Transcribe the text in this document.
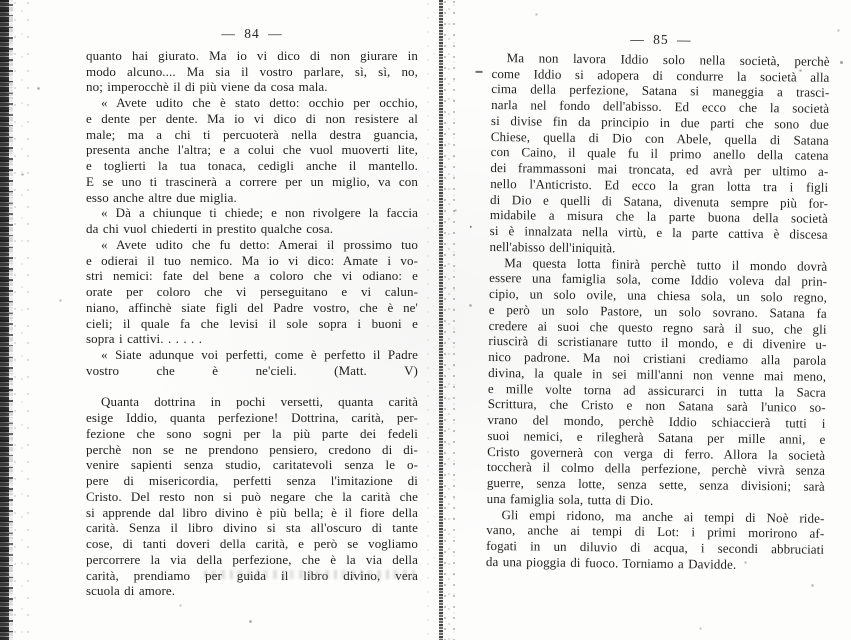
— 84 —
quanto hai giurato. Ma io vi dico di non giurare in
modo alcuno.... Ma sia il vostro parlare, sì, sì, no,
no; imperocchè il di più viene da cosa mala.
« Avete udito che è stato detto: occhio per occhio,
e dente per dente. Ma io vi dico di non resistere al
male; ma a chi ti percuoterà nella destra guancia,
presenta anche l'altra; e a colui che vuol muoverti lite,
e toglierti la tua tonaca, cedigli anche il mantello.
E se uno ti trascinerà a correre per un miglio, va con
esso anche altre due miglia.
« Dà a chiunque ti chiede; e non rivolgere la faccia
da chi vuol chiederti in prestito qualche cosa.
« Avete udito che fu detto: Amerai il prossimo tuo
e odierai il tuo nemico. Ma io vi dico: Amate i vo-
stri nemici: fate del bene a coloro che vi odiano: e
orate per coloro che vi perseguitano e vi calun-
niano, affinchè siate figli del Padre vostro, che è ne'
cieli; il quale fa che levisi il sole sopra i buoni e
sopra i cattivi. . . . . .
« Siate adunque voi perfetti, come è perfetto il Padre
vostro che è ne'cieli. (Matt. V)

Quanta dottrina in pochi versetti, quanta carità
esige Iddio, quanta perfezione! Dottrina, carità, per-
fezione che sono sogni per la più parte dei fedeli
perchè non se ne prendono pensiero, credono di di-
venire sapienti senza studio, caritatevoli senza le o-
pere di misericordia, perfetti senza l'imitazione di
Cristo. Del resto non si può negare che la carità che
si apprende dal libro divino è più bella; è il fiore della
carità. Senza il libro divino si sta all'oscuro di tante
cose, di tanti doveri della carità, e però se vogliamo
percorrere la via della perfezione, che è la via della
carità, prendiamo per guida il libro divino, vera
scuola di amore.
— 85 —
Ma non lavora Iddio solo nella società, perchè
come Iddio si adopera di condurre la società alla
cima della perfezione, Satana si maneggia a trasci-
narla nel fondo dell'abisso. Ed ecco che la società
si divise fin da principio in due parti che sono due
Chiese, quella di Dio con Abele, quella di Satana
con Caino, il quale fu il primo anello della catena
dei frammassoni mai troncata, ed avrà per ultimo a-
nello l'Anticristo. Ed ecco la gran lotta tra i figli
di Dio e quelli di Satana, divenuta sempre più for-
midabile a misura che la parte buona della società
si è innalzata nella virtù, e la parte cattiva è discesa
nell'abisso dell'iniquità.
Ma questa lotta finirà perchè tutto il mondo dovrà
essere una famiglia sola, come Iddio voleva dal prin-
cipio, un solo ovile, una chiesa sola, un solo regno,
e però un solo Pastore, un solo sovrano. Satana fa
credere ai suoi che questo regno sarà il suo, che gli
riuscirà di scristianare tutto il mondo, e di divenire u-
nico padrone. Ma noi cristiani crediamo alla parola
divina, la quale in sei mill'anni non venne mai meno,
e mille volte torna ad assicurarci in tutta la Sacra
Scrittura, che Cristo e non Satana sarà l'unico so-
vrano del mondo, perchè Iddio schiaccierà tutti i
suoi nemici, e rilegherà Satana per mille anni, e
Cristo governerà con verga di ferro. Allora la società
toccherà il colmo della perfezione, perchè vivrà senza
guerre, senza lotte, senza sette, senza divisioni; sarà
una famiglia sola, tutta di Dio.
Gli empi ridono, ma anche ai tempi di Noè ride-
vano, anche ai tempi di Lot: i primi morirono af-
fogati in un diluvio di acqua, i secondi abbruciati
da una pioggia di fuoco. Torniamo a Davidde.
